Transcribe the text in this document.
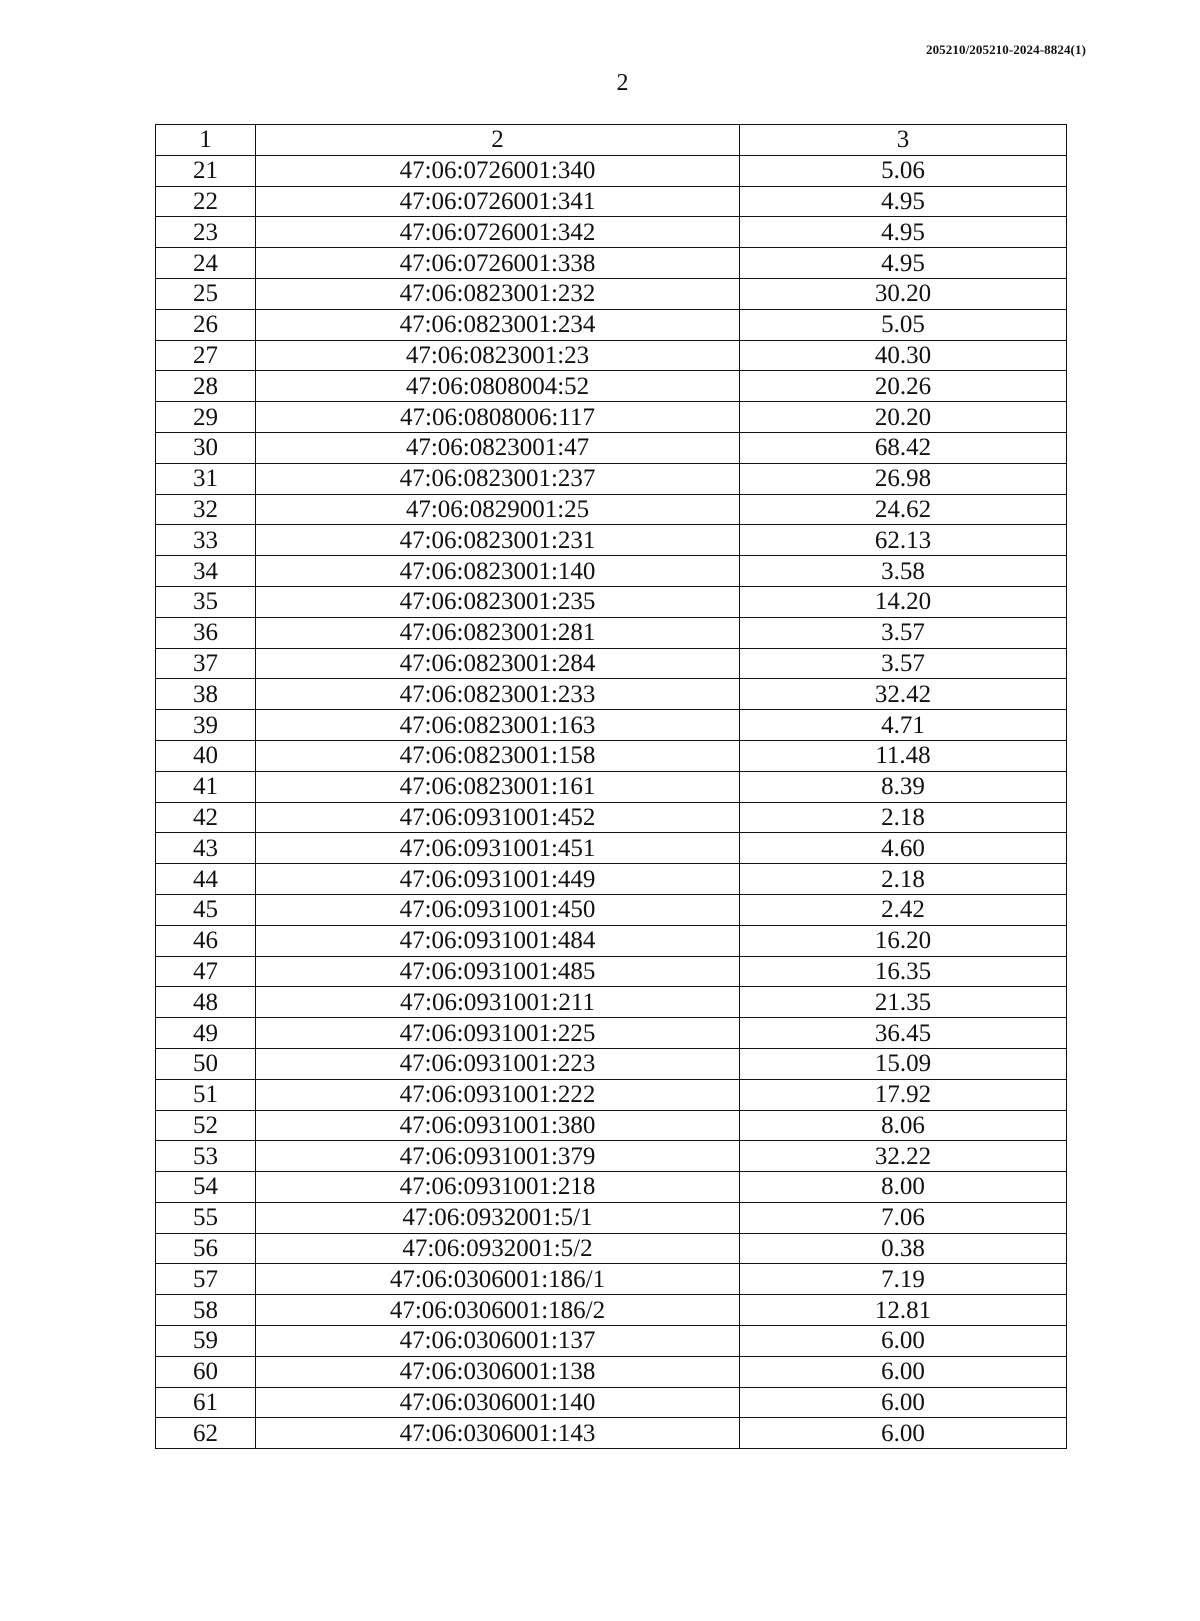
205210/205210-2024-8824(1)
2
1	2	3
21	47:06:0726001:340	5.06
22	47:06:0726001:341	4.95
23	47:06:0726001:342	4.95
24	47:06:0726001:338	4.95
25	47:06:0823001:232	30.20
26	47:06:0823001:234	5.05
27	47:06:0823001:23	40.30
28	47:06:0808004:52	20.26
29	47:06:0808006:117	20.20
30	47:06:0823001:47	68.42
31	47:06:0823001:237	26.98
32	47:06:0829001:25	24.62
33	47:06:0823001:231	62.13
34	47:06:0823001:140	3.58
35	47:06:0823001:235	14.20
36	47:06:0823001:281	3.57
37	47:06:0823001:284	3.57
38	47:06:0823001:233	32.42
39	47:06:0823001:163	4.71
40	47:06:0823001:158	11.48
41	47:06:0823001:161	8.39
42	47:06:0931001:452	2.18
43	47:06:0931001:451	4.60
44	47:06:0931001:449	2.18
45	47:06:0931001:450	2.42
46	47:06:0931001:484	16.20
47	47:06:0931001:485	16.35
48	47:06:0931001:211	21.35
49	47:06:0931001:225	36.45
50	47:06:0931001:223	15.09
51	47:06:0931001:222	17.92
52	47:06:0931001:380	8.06
53	47:06:0931001:379	32.22
54	47:06:0931001:218	8.00
55	47:06:0932001:5/1	7.06
56	47:06:0932001:5/2	0.38
57	47:06:0306001:186/1	7.19
58	47:06:0306001:186/2	12.81
59	47:06:0306001:137	6.00
60	47:06:0306001:138	6.00
61	47:06:0306001:140	6.00
62	47:06:0306001:143	6.00
